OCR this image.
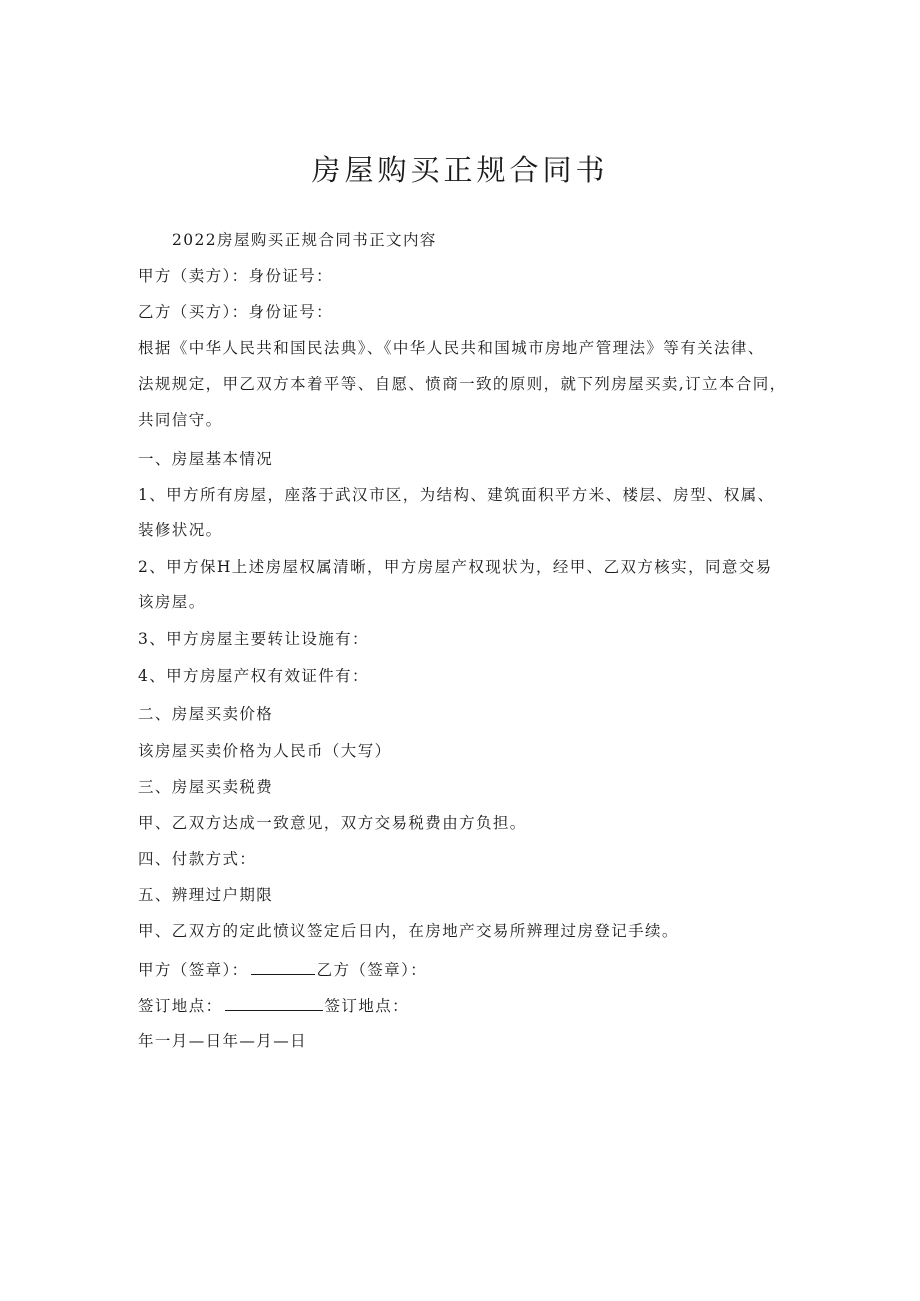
房屋购买正规合同书
2022房屋购买正规合同书正文内容
甲方（卖方）：身份证号：
乙方（买方）：身份证号：
根据《中华人民共和国民法典》、《中华人民共和国城市房地产管理法》等有关法律、
法规规定，甲乙双方本着平等、自愿、愤商一致的原则，就下列房屋买卖,订立本合同，
共同信守。
一、房屋基本情况
1、甲方所有房屋，座落于武汉市区，为结构、建筑面积平方米、楼层、房型、权属、
装修状况。
2、甲方保H上述房屋权属清晰，甲方房屋产权现状为，经甲、乙双方核实，同意交易
该房屋。
3、甲方房屋主要转让设施有：
4、甲方房屋产权有效证件有：
二、房屋买卖价格
该房屋买卖价格为人民币（大写）
三、房屋买卖税费
甲、乙双方达成一致意见，双方交易税费由方负担。
四、付款方式：
五、辨理过户期限
甲、乙双方的定此愤议签定后日内，在房地产交易所辨理过房登记手续。
甲方（签章）：	乙方（签章）：
签订地点：	签订地点：
年一月—日年—月—日
